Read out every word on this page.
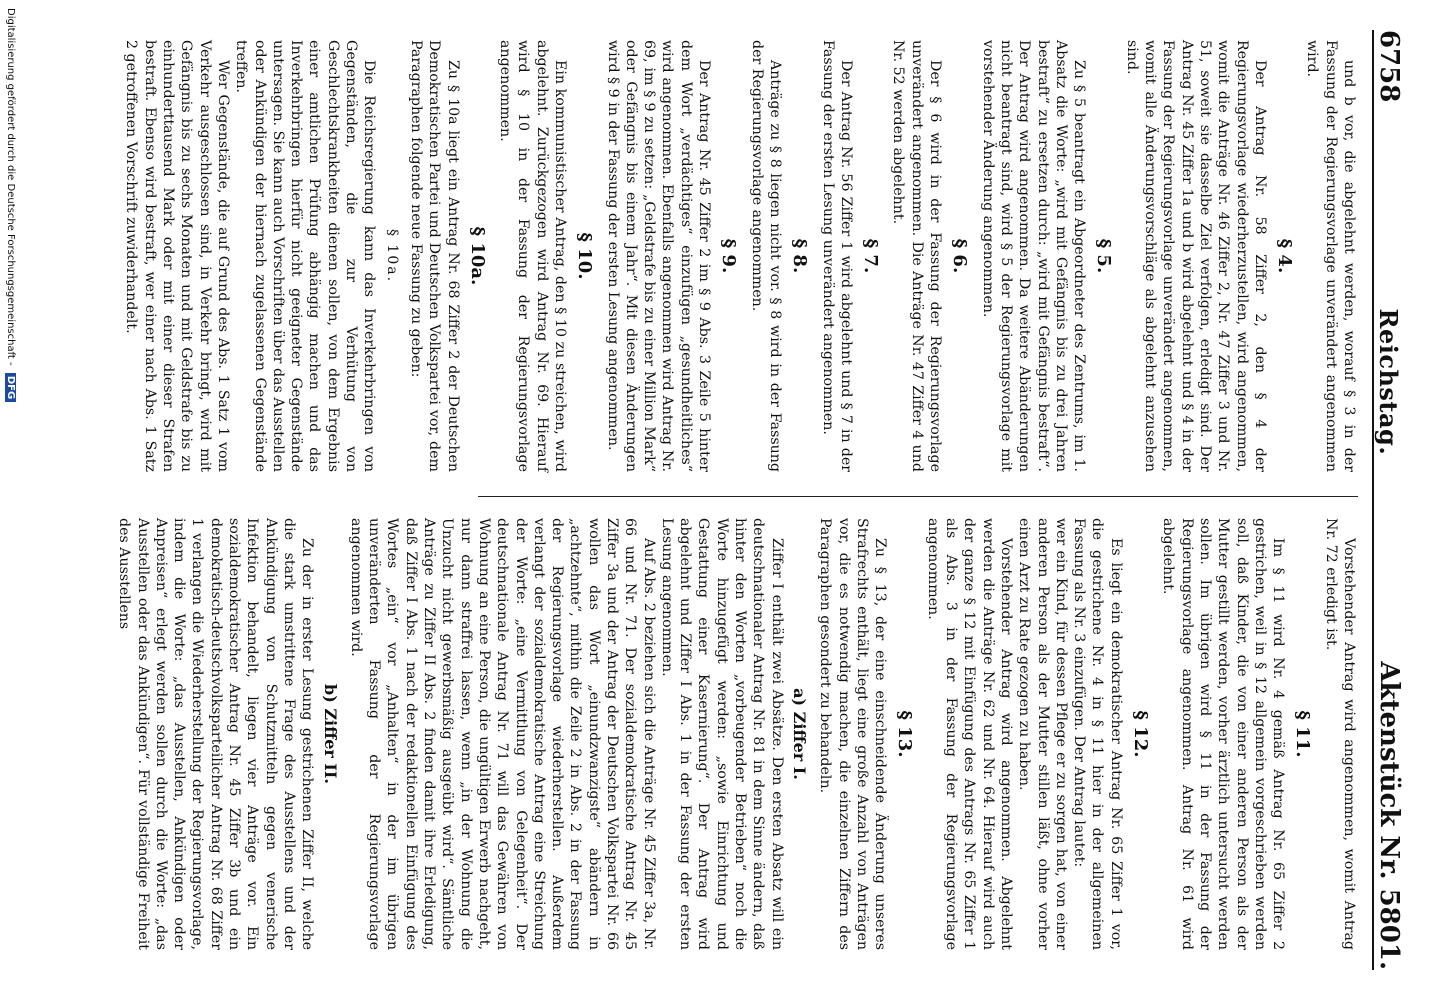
6758
Reichstag.
Aktenstück Nr. 5801.

und b vor, die abgelehnt werden, worauf § 3 in der Fassung der Regierungsvorlage unverändert angenommen wird.

§ 4.

Der Antrag Nr. 58 Ziffer 2, den § 4 der Regierungsvorlage wiederherzustellen, wird angenommen, womit die Anträge Nr. 46 Ziffer 2, Nr. 47 Ziffer 3 und Nr. 51, soweit sie dasselbe Ziel verfolgen, erledigt sind. Der Antrag Nr. 45 Ziffer 1a und b wird abgelehnt und § 4 in der Fassung der Regierungsvorlage unverändert angenommen, womit alle Änderungsvorschläge als abgelehnt anzusehen sind.

§ 5.

Zu § 5 beantragt ein Abgeordneter des Zentrums, im 1. Absatz die Worte: „wird mit Gefängnis bis zu drei Jahren bestraft“ zu ersetzen durch: „wird mit Gefängnis bestraft“. Der Antrag wird angenommen. Da weitere Abänderungen nicht beantragt sind, wird § 5 der Regierungsvorlage mit vorstehender Änderung angenommen.

§ 6.

Der § 6 wird in der Fassung der Regierungsvorlage unverändert angenommen. Die Anträge Nr. 47 Ziffer 4 und Nr. 52 werden abgelehnt.

§ 7.

Der Antrag Nr. 56 Ziffer 1 wird abgelehnt und § 7 in der Fassung der ersten Lesung unverändert angenommen.

§ 8.

Anträge zu § 8 liegen nicht vor. § 8 wird in der Fassung der Regierungsvorlage angenommen.

§ 9.

Der Antrag Nr. 45 Ziffer 2 im § 9 Abs. 3 Zeile 5 hinter dem Wort „verdächtiges“ einzufügen „gesundheitliches“ wird angenommen. Ebenfalls angenommen wird Antrag Nr. 69, im § 9 zu setzen: „Geldstrafe bis zu einer Million Mark“ oder Gefängnis bis einem Jahr“. Mit diesen Änderungen wird § 9 in der Fassung der ersten Lesung angenommen.

§ 10.

Ein kommunistischer Antrag, den § 10 zu streichen, wird abgelehnt. Zurückgezogen wird Antrag Nr. 69. Hierauf wird § 10 in der Fassung der Regierungsvorlage angenommen.

§ 10a.

Zu § 10a liegt ein Antrag Nr. 68 Ziffer 2 der Deutschen Demokratischen Partei und Deutschen Volkspartei vor, dem Paragraphen folgende neue Fassung zu geben:

§ 10a.

Die Reichsregierung kann das Inverkehrbringen von Gegenständen, die zur Verhütung von Geschlechtskrankheiten dienen sollen, von dem Ergebnis einer amtlichen Prüfung abhängig machen und das Inverkehrbringen hierfür nicht geeigneter Gegenstände untersagen. Sie kann auch Vorschriften über das Ausstellen oder Ankündigen der hiernach zugelassenen Gegenstände treffen.

Wer Gegenstände, die auf Grund des Abs. 1 Satz 1 vom Verkehr ausgeschlossen sind, in Verkehr bringt, wird mit Gefängnis bis zu sechs Monaten und mit Geldstrafe bis zu einhunderttausend Mark oder mit einer dieser Strafen bestraft. Ebenso wird bestraft, wer einer nach Abs. 1 Satz 2 getroffenen Vorschrift zuwiderhandelt.

Vorstehender Antrag wird angenommen, womit Antrag Nr. 72 erledigt ist.

§ 11.

Im § 11 wird Nr. 4 gemäß Antrag Nr. 65 Ziffer 2 gestrichen, weil in § 12 allgemein vorgeschrieben werden soll, daß Kinder, die von einer anderen Person als der Mutter gestillt werden, vorher ärztlich untersucht werden sollen. Im übrigen wird § 11 in der Fassung der Regierungsvorlage angenommen. Antrag Nr. 61 wird abgelehnt.

§ 12.

Es liegt ein demokratischer Antrag Nr. 65 Ziffer 1 vor, die gestrichene Nr. 4 in § 11 hier in der allgemeinen Fassung als Nr. 3 einzufügen. Der Antrag lautet:

wer ein Kind, für dessen Pflege er zu sorgen hat, von einer anderen Person als der Mutter stillen läßt, ohne vorher einen Arzt zu Rate gezogen zu haben.

Vorstehender Antrag wird angenommen. Abgelehnt werden die Anträge Nr. 62 und Nr. 64. Hierauf wird auch der ganze § 12 mit Einfügung des Antrags Nr. 65 Ziffer 1 als Abs. 3 in der Fassung der Regierungsvorlage angenommen.

§ 13.

Zu § 13, der eine einschneidende Änderung unseres Strafrechts enthält, liegt eine große Anzahl von Anträgen vor, die es notwendig machen, die einzelnen Ziffern des Paragraphen gesondert zu behandeln.

a) Ziffer I.

Ziffer I enthält zwei Absätze. Den ersten Absatz will ein deutschnationaler Antrag Nr. 81 in dem Sinne ändern, daß hinter den Worten „vorbeugender Betrieben“ noch die Worte hinzugefügt werden: „sowie Einrichtung und Gestattung einer Kasernierung“. Der Antrag wird abgelehnt und Ziffer I Abs. 1 in der Fassung der ersten Lesung angenommen.

Auf Abs. 2 beziehen sich die Anträge Nr. 45 Ziffer 3a, Nr. 66 und Nr. 71. Der sozialdemokratische Antrag Nr. 45 Ziffer 3a und der Antrag der Deutschen Volkspartei Nr. 66 wollen das Wort „einundzwanzigste“ abändern in „achtzehnte“, mithin die Zeile 2 in Abs. 2 in der Fassung der Regierungsvorlage wiederherstellen. Außerdem verlangt der sozialdemokratische Antrag eine Streichung der Worte: „eine Vermittlung von Gelegenheit“. Der deutschnationale Antrag Nr. 71 will das Gewähren von Wohnung an eine Person, die ungültigen Erwerb nachgeht, nur dann straffrei lassen, wenn „in der Wohnung die Unzucht nicht gewerbsmäßig ausgeübt wird“. Sämtliche Anträge zu Ziffer II Abs. 2 finden damit ihre Erledigung, daß Ziffer I Abs. 1 nach der redaktionellen Einfügung des Wortes „ein“ vor „Anhalten“ in der im übrigen unveränderten Fassung der Regierungsvorlage angenommen wird.

b) Ziffer II.

Zu der in erster Lesung gestrichenen Ziffer II, welche die stark umstrittene Frage des Ausstellens und der Ankündigung von Schutzmitteln gegen venerische Infektion behandelt, liegen vier Anträge vor. Ein sozialdemokratischer Antrag Nr. 45 Ziffer 3b und ein demokratisch-deutschvolksparteilicher Antrag Nr. 68 Ziffer 1 verlangen die Wiederherstellung der Regierungsvorlage, indem die Worte: „das Ausstellen, Ankündigen oder Anpreisen“ erlegt werden sollen durch die Worte: „das Ausstellen oder das Ankündigen“. Für vollständige Freiheit des Ausstellens

Digitalisierung gefördert durch die Deutsche Forschungsgemeinschaft - DFG
